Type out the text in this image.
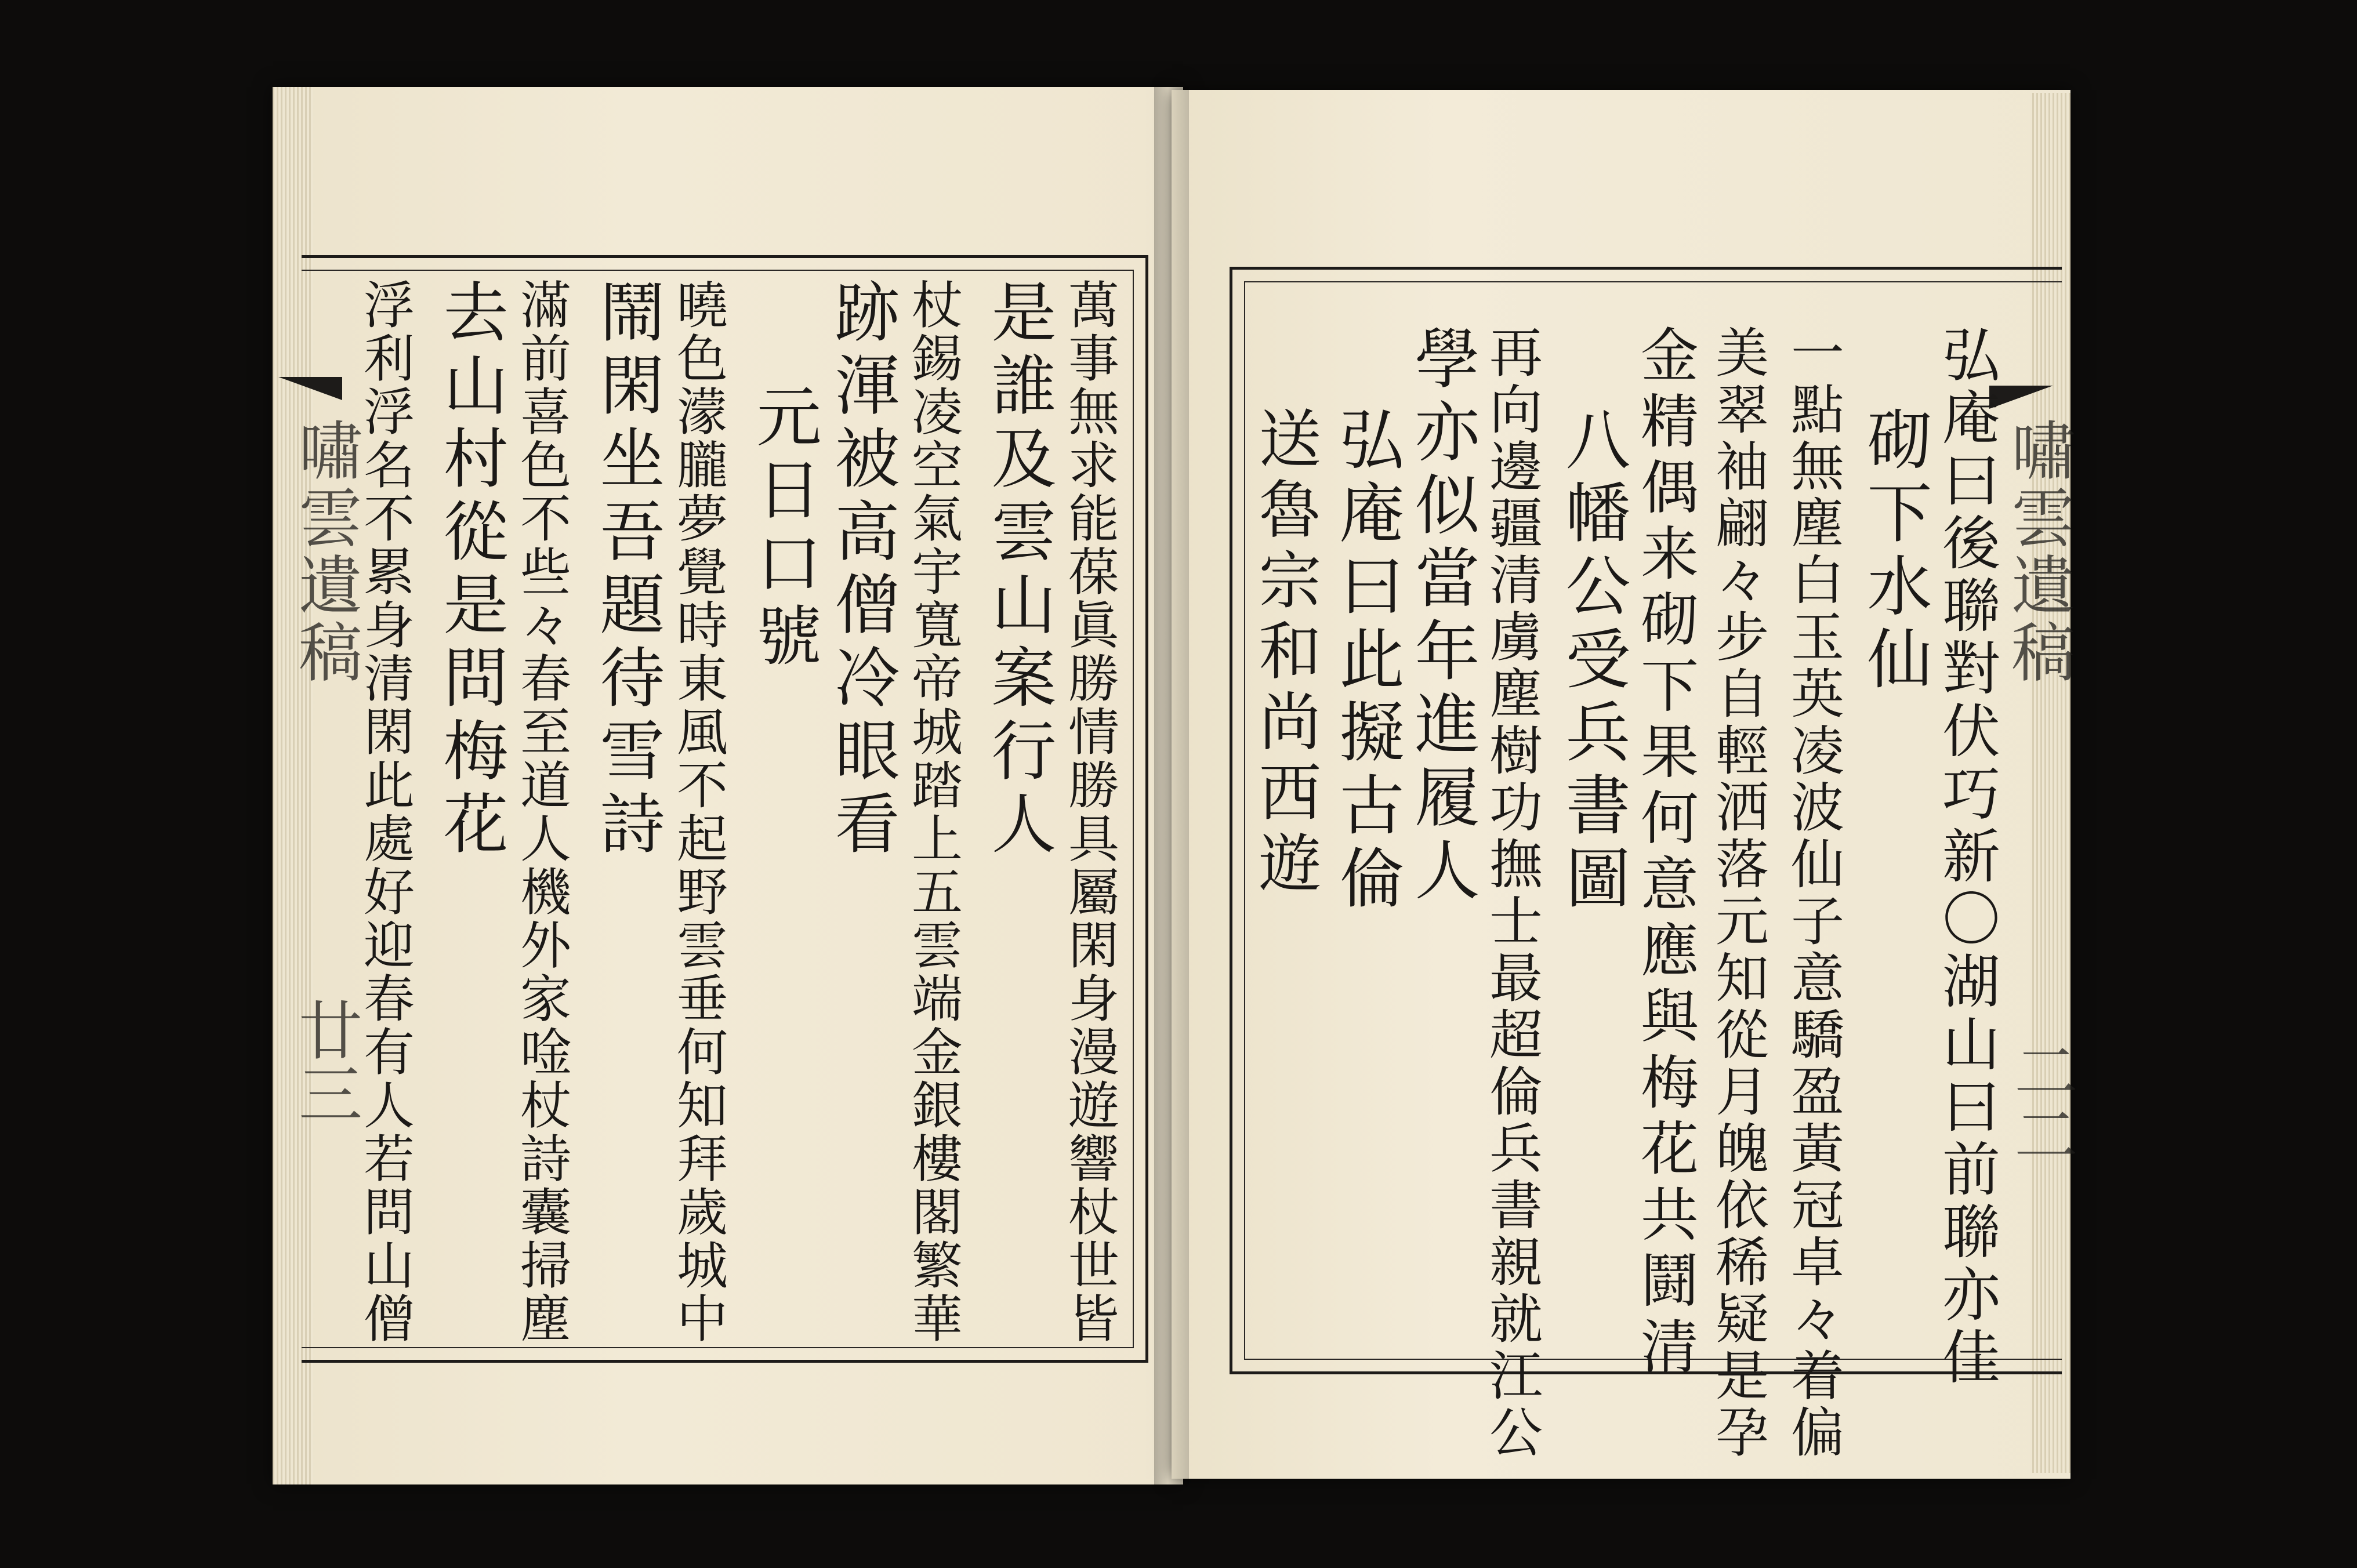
嘯雲遺稿
廿三	萬事無求能葆眞勝情勝具屬閑身漫遊響杖世皆
是誰及雲山案行人
杖錫凌空氣宇寬帝城踏上五雲端金銀樓閣繁華
跡渾被高僧冷眼看
元日口號
曉色濛朧夢覺時東風不起野雲垂何知拜歲城中
鬧閑坐吾題待雪詩
滿前喜色不些々春至道人機外家唫杖詩囊掃塵
去山村從是問梅花
浮利浮名不累身清閑此處好迎春有人若問山僧	嘯雲遺稿
二二
弘庵曰後聯對伏巧新〇湖山曰前聯亦佳
砌下水仙
一點無塵白玉英凌波仙子意驕盈黃冠卓々着偏
美翠袖翩々步自輕洒落元知從月魄依稀疑是孕
金精偶来砌下果何意應與梅花共鬪清
八幡公受兵書圖
再向邊疆清虜塵樹功撫士最超倫兵書親就江公
學亦似當年進履人
弘庵曰此擬古倫
送魯宗和尚西遊
